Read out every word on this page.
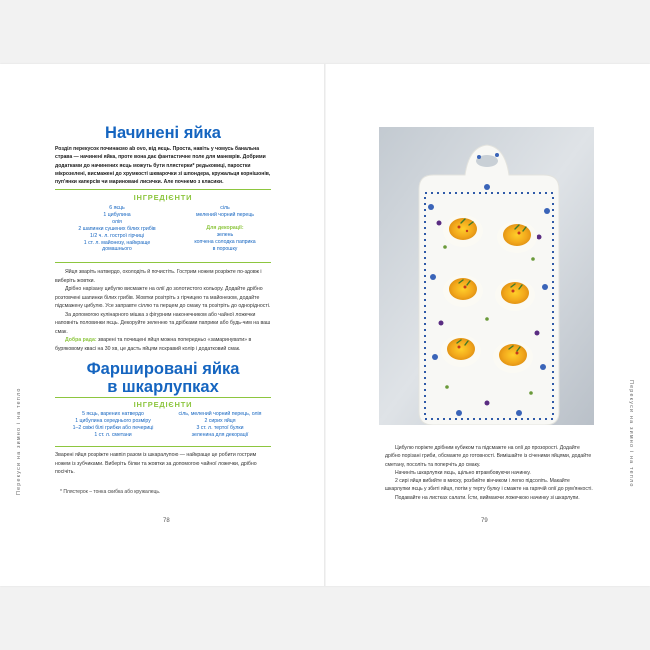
Перекуси на зимно і на тепло	Перекуси на зимно і на тепло
Начинені яйка
Розділ перекусок починаємо ab ovo, від яєць. Проста, навіть у чомусь банальна страва — начинені яйка, проте вона дає фантастичне поле для маневрів. Добрими додатками до начинених яєць можуть бути плястерки* редьковиці, паростки мікрозелені, висмажені до хрумкості шкварочки зі шпондера, кружальця корнішонів, пуп'янки каперсів чи мариновані лисички. Але почнемо з класики.
ІНГРЕДІЄНТИ
6 яєць
1 цибулина
олія
2 шапинки сушених білих грибів
1/2 ч. л. гострої гірчиці
1 ст. л. майонезу, найкраще
домашнього
сіль
мелений чорний перець
Для декорації:
зелень
копчена солодка паприка
в порошку
Яйця зваріть натвердо, охолодіть й почистіть. Гострим ножем розріжте по-здовж і виберіть жовтки.
Дрібно нарізану цибулю висмажте на олії до золотистого кольору. Додайте дрібно розтовчені шапинки білих грибів. Жовтки розітріть з гірчицею та майонезом, додайте підсмажену цибулю. Усе заправте сіллю та перцем до смаку та розітріть до однорідності.
За допомогою кулінарного мішка з фігурним наконечником або чайної ложечки наповніть половинки яєць. Декоруйте зеленню та дрібками паприки або будь-чим на ваш смак.
Добра рада: зварені та почищені яйця можна попередньо «замаринувати» в буряковому квасі на 30 хв, це дасть яйцям яскравий колір і додатковий смак.
Фаршировані яйка
в шкарлупках
ІНГРЕДІЄНТИ
5 яєць, варених натвердо
1 цибулина середнього розміру
1–2 свіжі білі грибки або печериці
1 ст. л. сметани
сіль, мелений чорний перець, олія
2 сирих яйця
3 ст. л. тертої булки
зеленина для декорації
Зварені яйця розріжте навпіл разом із шкаралупою — найкраще це робити гострим ножем із зубчиками. Виберіть білки та жовтки за допомогою чайної ложечки, дрібно посічіть.
* Плястерок – тонка скибка або кружалець.
78
Цибулю поріжте дрібним кубиком та підсмажте на олії до прозорості. Додайте дрібно порізані гриби, обсмажте до готовності. Вимішайте із січеними яйцями, додайте сметану, посоліть та поперчіть до смаку.
Начиніть шкарлупки яєць, щільно втрамбовуючи начинку.
2 сирі яйця вибийте в миску, розбийте вінчиком і легко підсоліть. Макайте шкарлупки яєць у збиті яйця, потім у терту булку і смажте на гарячій олії до рум'янкості.
Подавайте на листках салати. Їсти, виймаючи ложечкою начинку зі шкарлупи.
79
